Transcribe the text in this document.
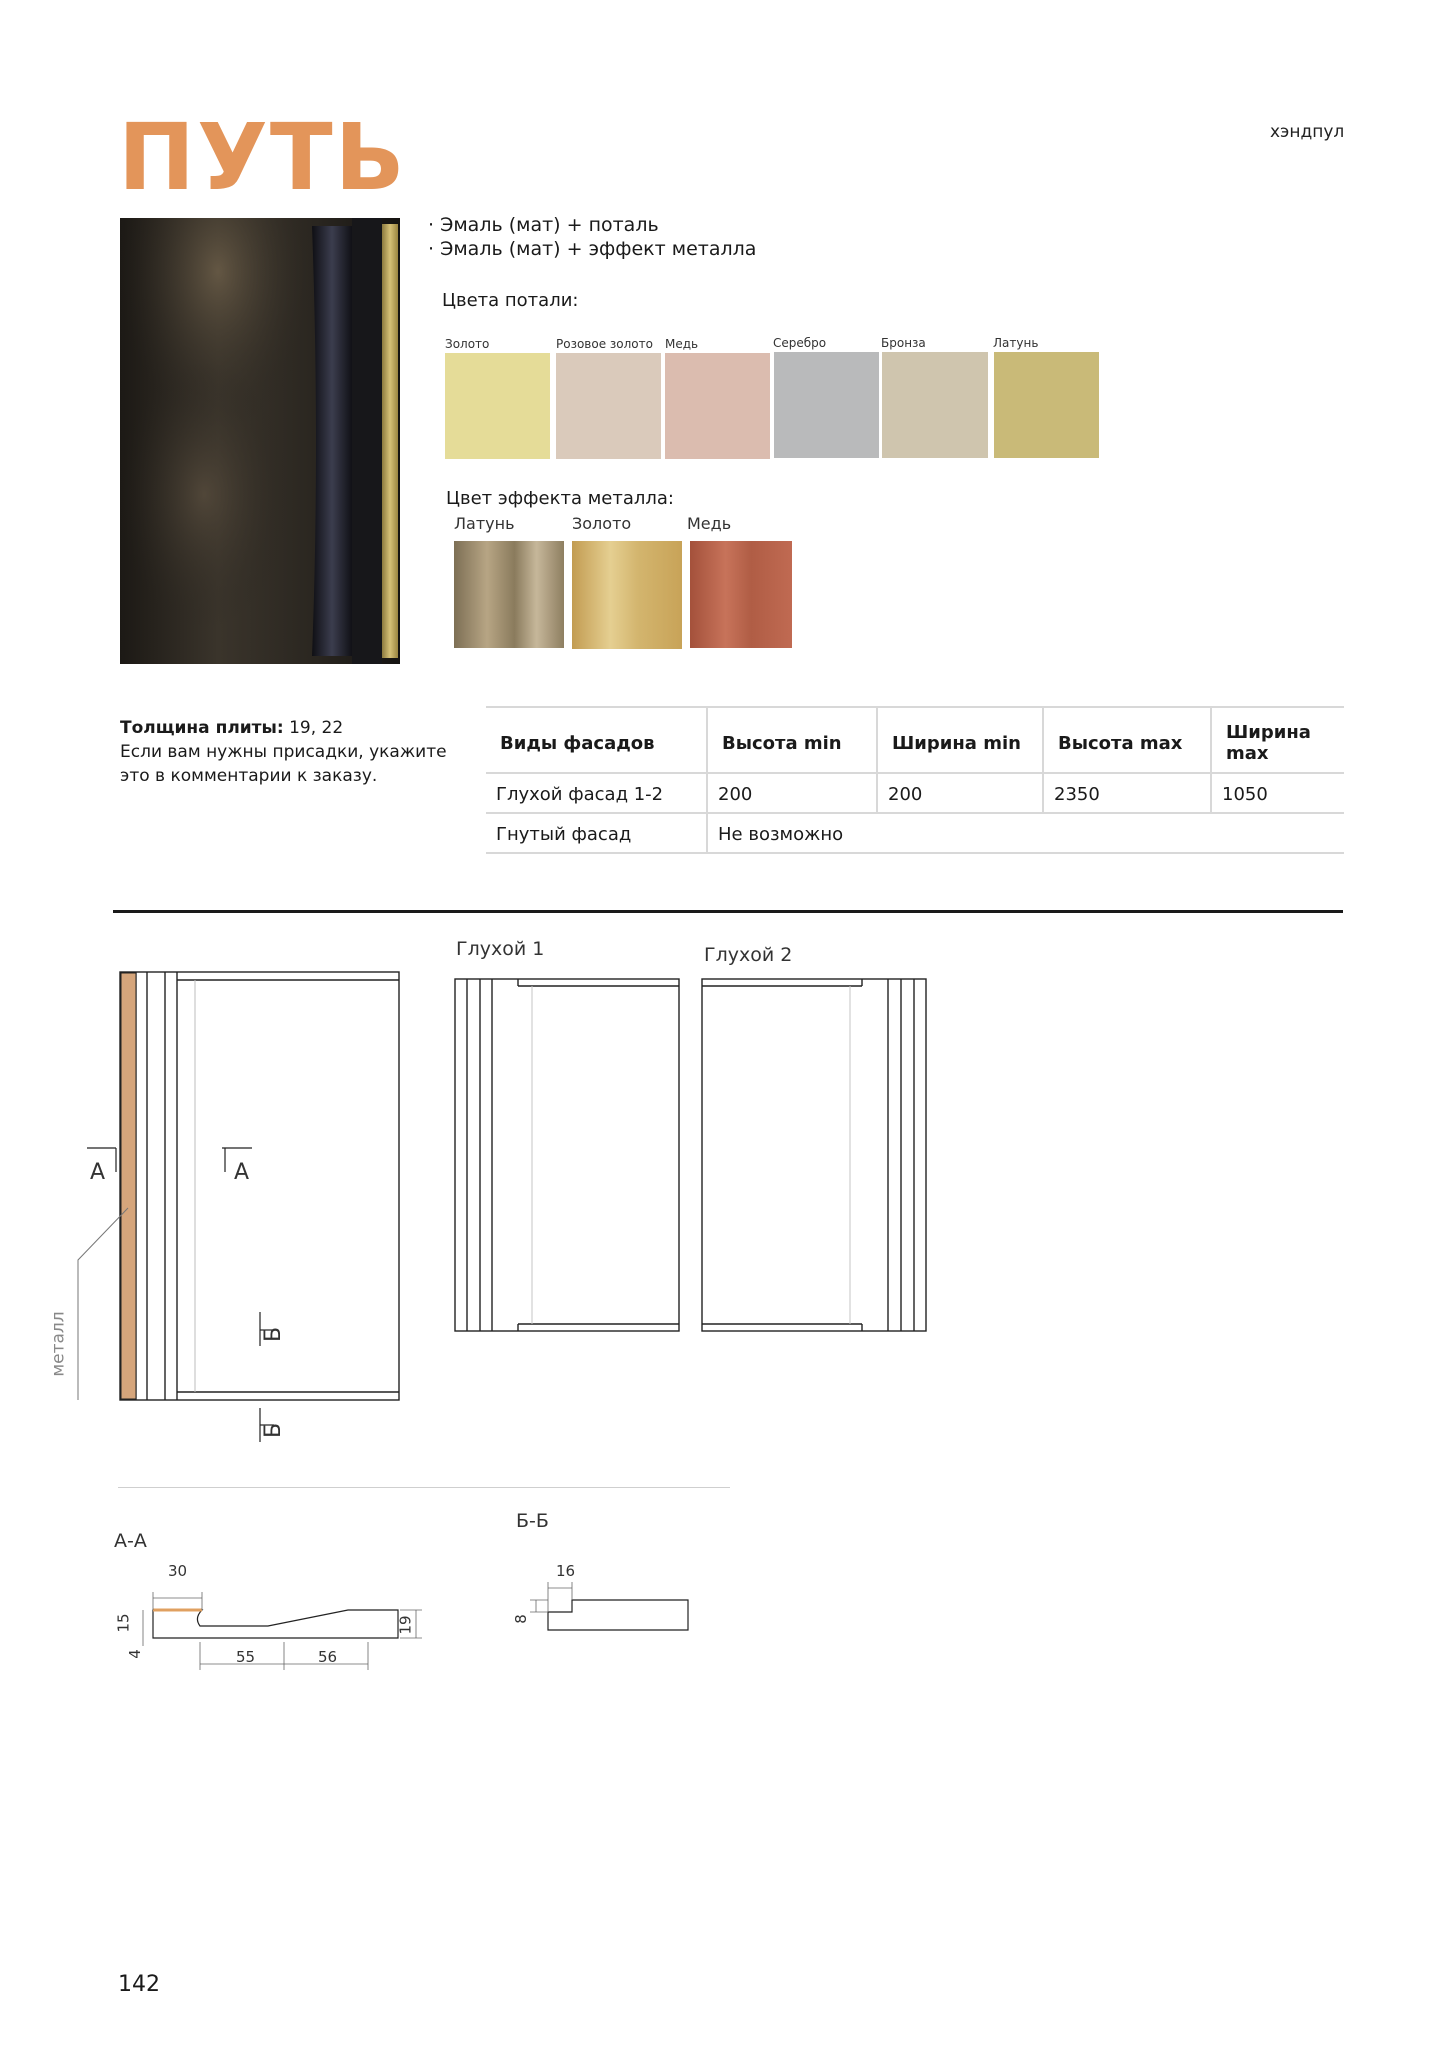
ПУТЬ	хэндпул
· Эмаль (мат) + поталь
· Эмаль (мат) + эффект металла
Цвета потали:
Золото	Розовое золото Медь	Серебро	Бронза	Латунь
Цвет эффекта металла:
Латунь	Золото	Медь
Толщина плиты: 19, 22
Если вам нужны присадки, укажите
это в комментарии к заказу.
Виды фасадов	Высота min	Ширина min	Высота max	Ширина max
Глухой фасад 1-2	200	200	2350	1050
Гнутый фасад	Не возможно			
А	А
Б
Б
металл
Глухой 1	Глухой 2
А-А
30
15
4	55	56
19
Б-Б
16
8
142
